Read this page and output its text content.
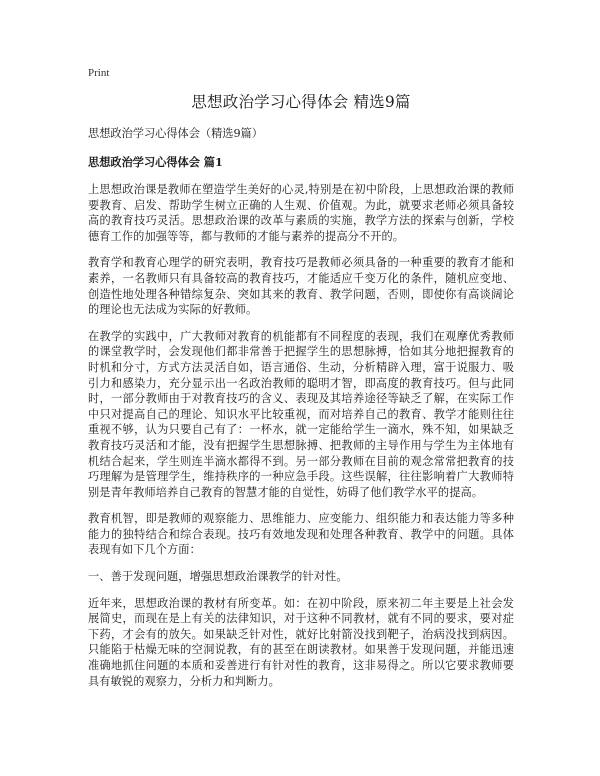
Print
思想政治学习心得体会 精选9篇

思想政治学习心得体会（精选9篇）

思想政治学习心得体会 篇1

上思想政治课是教师在塑造学生美好的心灵,特别是在初中阶段，上思想政治课的教师要教育、启发、帮助学生树立正确的人生观、价值观。为此，就要求老师必须具备较高的教育技巧灵活。思想政治课的改革与素质的实施，教学方法的探索与创新，学校德育工作的加强等等，都与教师的才能与素养的提高分不开的。

教育学和教育心理学的研究表明，教育技巧是教师必须具备的一种重要的教育才能和素养，一名教师只有具备较高的教育技巧，才能适应千变万化的条件，随机应变地、创造性地处理各种错综复杂、突如其来的教育、教学问题，否则，即使你有高谈阔论的理论也无法成为实际的好教师。

在教学的实践中，广大教师对教育的机能都有不同程度的表现，我们在观摩优秀教师的课堂教学时，会发现他们都非常善于把握学生的思想脉搏，恰如其分地把握教育的时机和分寸，方式方法灵活自如，语言通俗、生动，分析精辟入理，富于说服力、吸引力和感染力，充分显示出一名政治教师的聪明才智，即高度的教育技巧。但与此同时，一部分教师由于对教育技巧的含义、表现及其培养途径等缺乏了解，在实际工作中只对提高自己的理论、知识水平比较重视，而对培养自己的教育、教学才能则往往重视不够，认为只要自己有了：一杯水，就一定能给学生一滴水，殊不知，如果缺乏教育技巧灵活和才能，没有把握学生思想脉搏、把教师的主导作用与学生为主体地有机结合起来，学生则连半滴水都得不到。另一部分教师在目前的观念常常把教育的技巧理解为是管理学生，维持秩序的一种应急手段。这些误解，往往影响着广大教师特别是青年教师培养自己教育的智慧才能的自觉性，妨碍了他们教学水平的提高。

教育机智，即是教师的观察能力、思维能力、应变能力、组织能力和表达能力等多种能力的独特结合和综合表现。技巧有效地发现和处理各种教育、教学中的问题。具体表现有如下几个方面：

一、善于发现问题，增强思想政治课教学的针对性。

近年来，思想政治课的教材有所变革。如：在初中阶段，原来初二年主要是上社会发展简史，而现在是上有关的法律知识，对于这种不同教材，就有不同的要求，要对症下药，才会有的放矢。如果缺乏针对性，就好比射箭没找到靶子，治病没找到病因。只能陷于枯燥无味的空洞说教，有的甚至在朗读教材。如果善于发现问题，并能迅速准确地抓住问题的本质和妥善进行有针对性的教育，这非易得之。所以它要求教师要具有敏锐的观察力，分析力和判断力。
